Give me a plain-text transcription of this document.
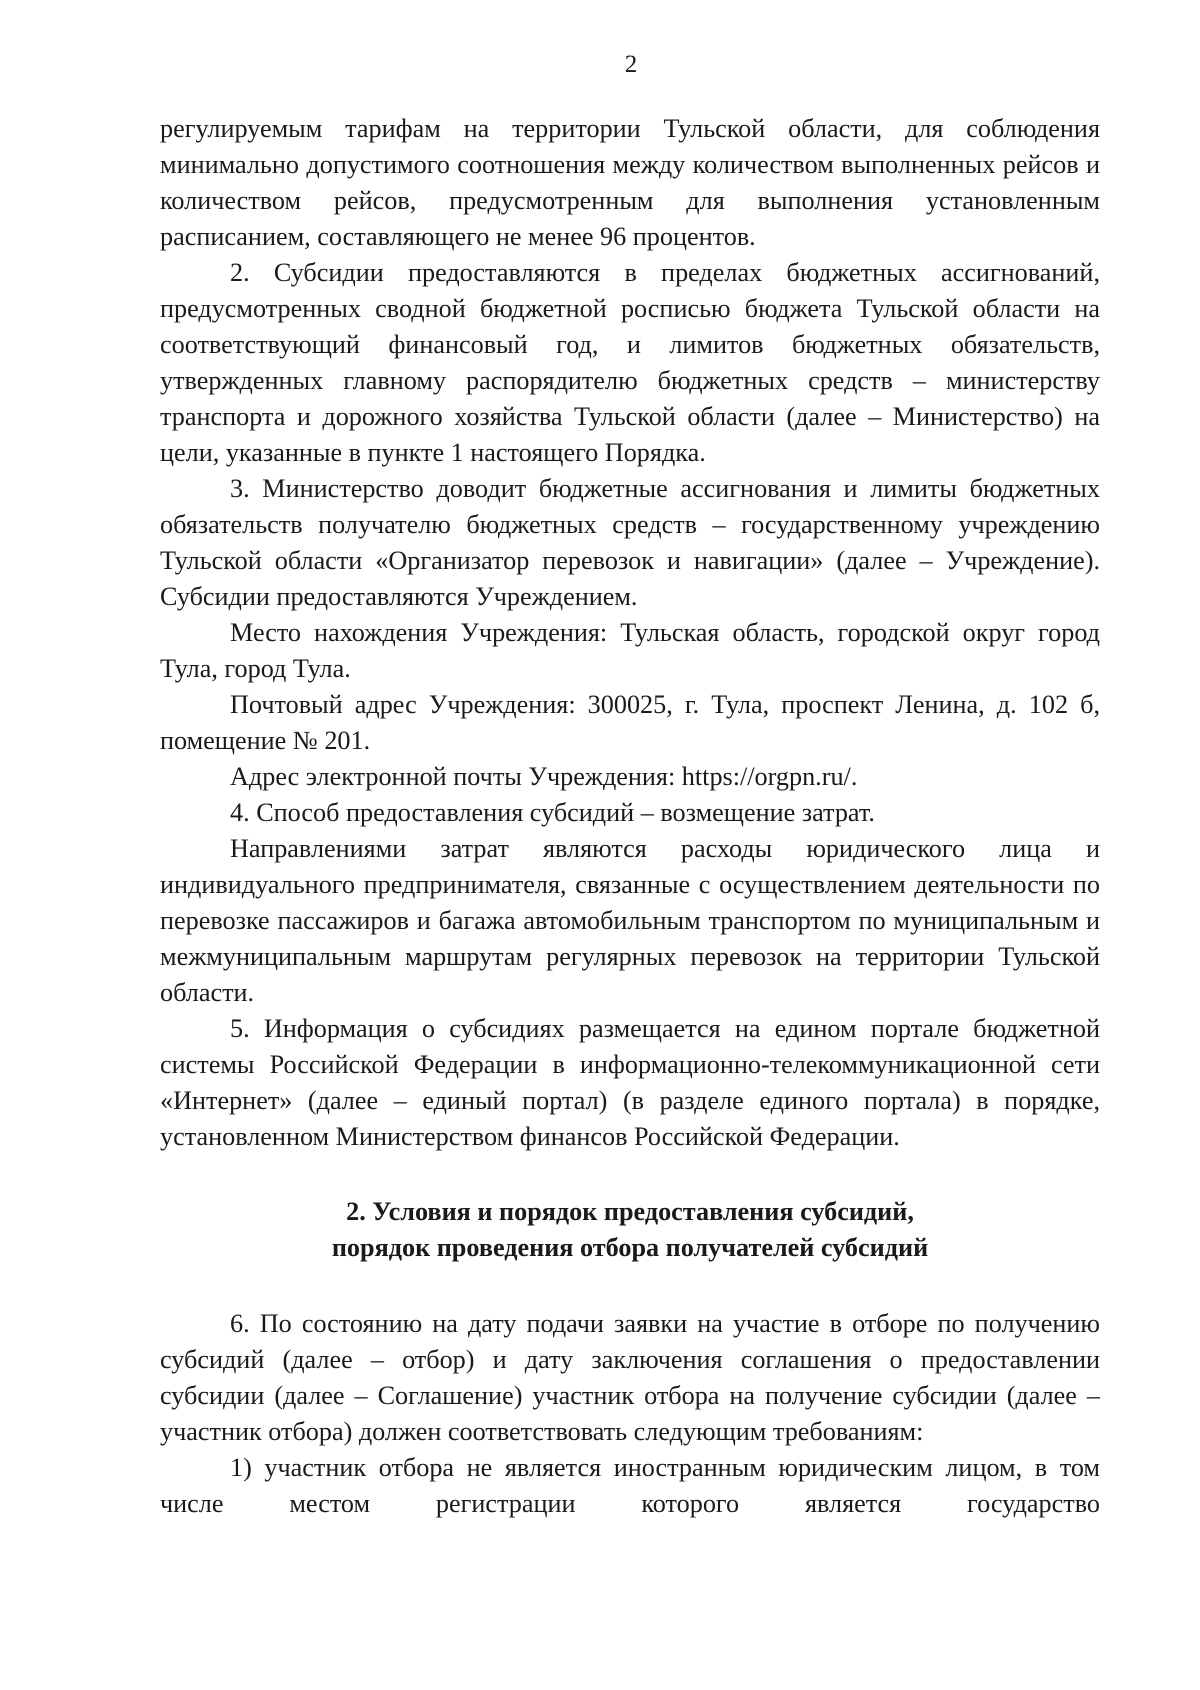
2

регулируемым тарифам на территории Тульской области, для соблюдения минимально допустимого соотношения между количеством выполненных рейсов и количеством рейсов, предусмотренным для выполнения установленным расписанием, составляющего не менее 96 процентов.

2. Субсидии предоставляются в пределах бюджетных ассигнований, предусмотренных сводной бюджетной росписью бюджета Тульской области на соответствующий финансовый год, и лимитов бюджетных обязательств, утвержденных главному распорядителю бюджетных средств – министерству транспорта и дорожного хозяйства Тульской области (далее – Министерство) на цели, указанные в пункте 1 настоящего Порядка.

3. Министерство доводит бюджетные ассигнования и лимиты бюджетных обязательств получателю бюджетных средств – государственному учреждению Тульской области «Организатор перевозок и навигации» (далее – Учреждение). Субсидии предоставляются Учреждением.

Место нахождения Учреждения: Тульская область, городской округ город Тула, город Тула.

Почтовый адрес Учреждения: 300025, г. Тула, проспект Ленина, д. 102 б, помещение № 201.

Адрес электронной почты Учреждения: https://orgpn.ru/.

4. Способ предоставления субсидий – возмещение затрат.

Направлениями затрат являются расходы юридического лица и индивидуального предпринимателя, связанные с осуществлением деятельности по перевозке пассажиров и багажа автомобильным транспортом по муниципальным и межмуниципальным маршрутам регулярных перевозок на территории Тульской области.

5. Информация о субсидиях размещается на едином портале бюджетной системы Российской Федерации в информационно-телекоммуникационной сети «Интернет» (далее – единый портал) (в разделе единого портала) в порядке, установленном Министерством финансов Российской Федерации.

2. Условия и порядок предоставления субсидий,
порядок проведения отбора получателей субсидий

6. По состоянию на дату подачи заявки на участие в отборе по получению субсидий (далее – отбор) и дату заключения соглашения о предоставлении субсидии (далее – Соглашение) участник отбора на получение субсидии (далее – участник отбора) должен соответствовать следующим требованиям:

1) участник отбора не является иностранным юридическим лицом, в том числе местом регистрации которого является государство
